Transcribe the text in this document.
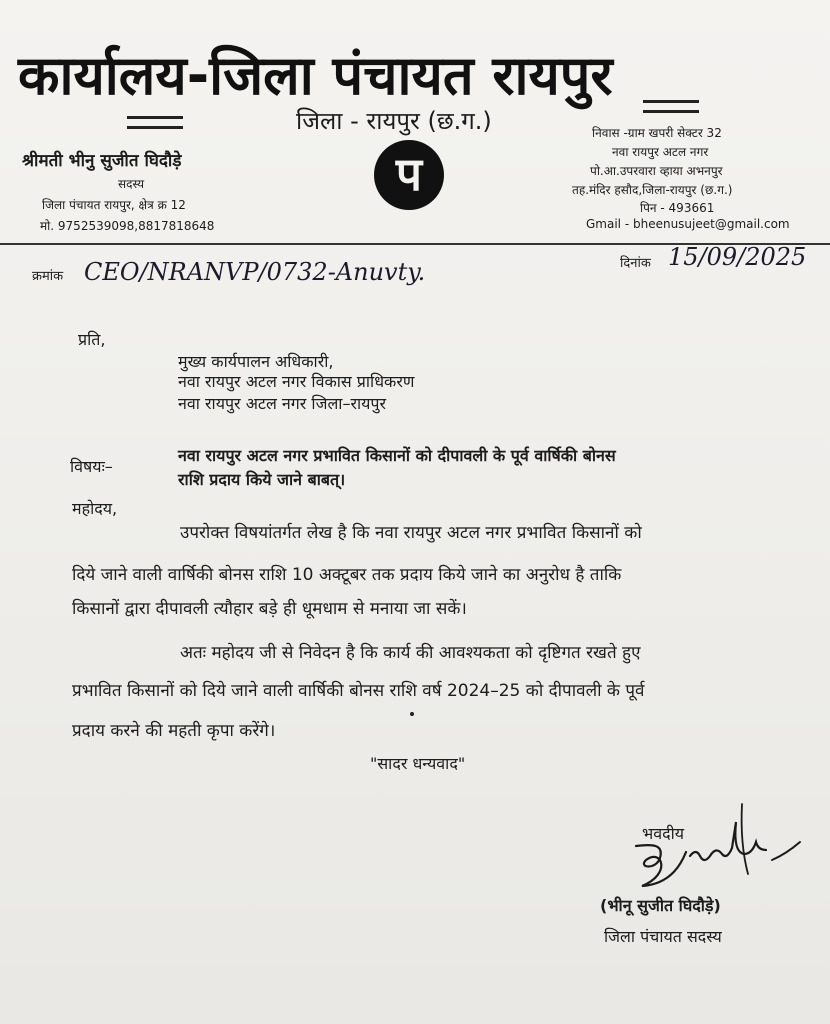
कार्यालय-जिला पंचायत रायपुर
जिला - रायपुर (छ.ग.)
श्रीमती भीनु सुजीत घिदौड़े
सदस्य
जिला पंचायत रायपुर, क्षेत्र क्र 12
मो. 9752539098,8817818648
प
निवास -ग्राम खपरी सेक्टर 32
नवा रायपुर अटल नगर
पो.आ.उपरवारा व्हाया अभनपुर
तह.मंदिर हसौद,जिला-रायपुर (छ.ग.)
पिन - 493661
Gmail - bheenusujeet@gmail.com
क्रमांक CEO/NRANVP/0732-Anuvty.	दिनांक 15/09/2025
प्रति,
मुख्य कार्यपालन अधिकारी,
नवा रायपुर अटल नगर विकास प्राधिकरण
नवा रायपुर अटल नगर जिला–रायपुर
विषयः–
नवा रायपुर अटल नगर प्रभावित किसानों को दीपावली के पूर्व वार्षिकी बोनस
राशि प्रदाय किये जाने बाबत्।
महोदय,
उपरोक्त विषयांतर्गत लेख है कि नवा रायपुर अटल नगर प्रभावित किसानों को
दिये जाने वाली वार्षिकी बोनस राशि 10 अक्टूबर तक प्रदाय किये जाने का अनुरोध है ताकि
किसानों द्वारा दीपावली त्यौहार बड़े ही धूमधाम से मनाया जा सकें।
अतः महोदय जी से निवेदन है कि कार्य की आवश्यकता को दृष्टिगत रखते हुए
प्रभावित किसानों को दिये जाने वाली वार्षिकी बोनस राशि वर्ष 2024–25 को दीपावली के पूर्व
प्रदाय करने की महती कृपा करेंगे।
"सादर धन्यवाद"
भवदीय
(भीनू सुजीत घिदौड़े)
जिला पंचायत सदस्य
